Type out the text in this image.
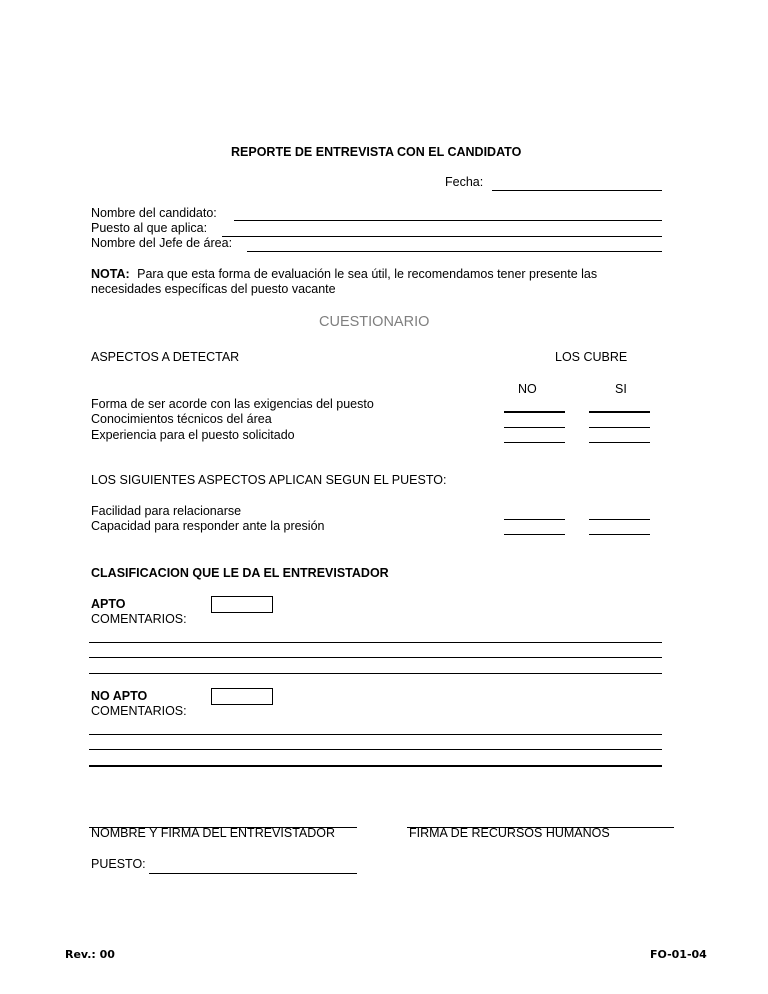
REPORTE DE ENTREVISTA CON EL CANDIDATO
Fecha:
Nombre del candidato:
Puesto al que aplica:
Nombre del Jefe de área:
NOTA: Para que esta forma de evaluación le sea útil, le recomendamos tener presente las
necesidades específicas del puesto vacante
CUESTIONARIO
ASPECTOS A DETECTAR	LOS CUBRE
NO	SI
Forma de ser acorde con las exigencias del puesto
Conocimientos técnicos del área
Experiencia para el puesto solicitado
LOS SIGUIENTES ASPECTOS APLICAN SEGUN EL PUESTO:
Facilidad para relacionarse
Capacidad para responder ante la presión
CLASIFICACION QUE LE DA EL ENTREVISTADOR
APTO
COMENTARIOS:
NO APTO
COMENTARIOS:
NOMBRE Y FIRMA DEL ENTREVISTADOR	FIRMA DE RECURSOS HUMANOS
PUESTO:
Rev.: 00	FO-01-04
